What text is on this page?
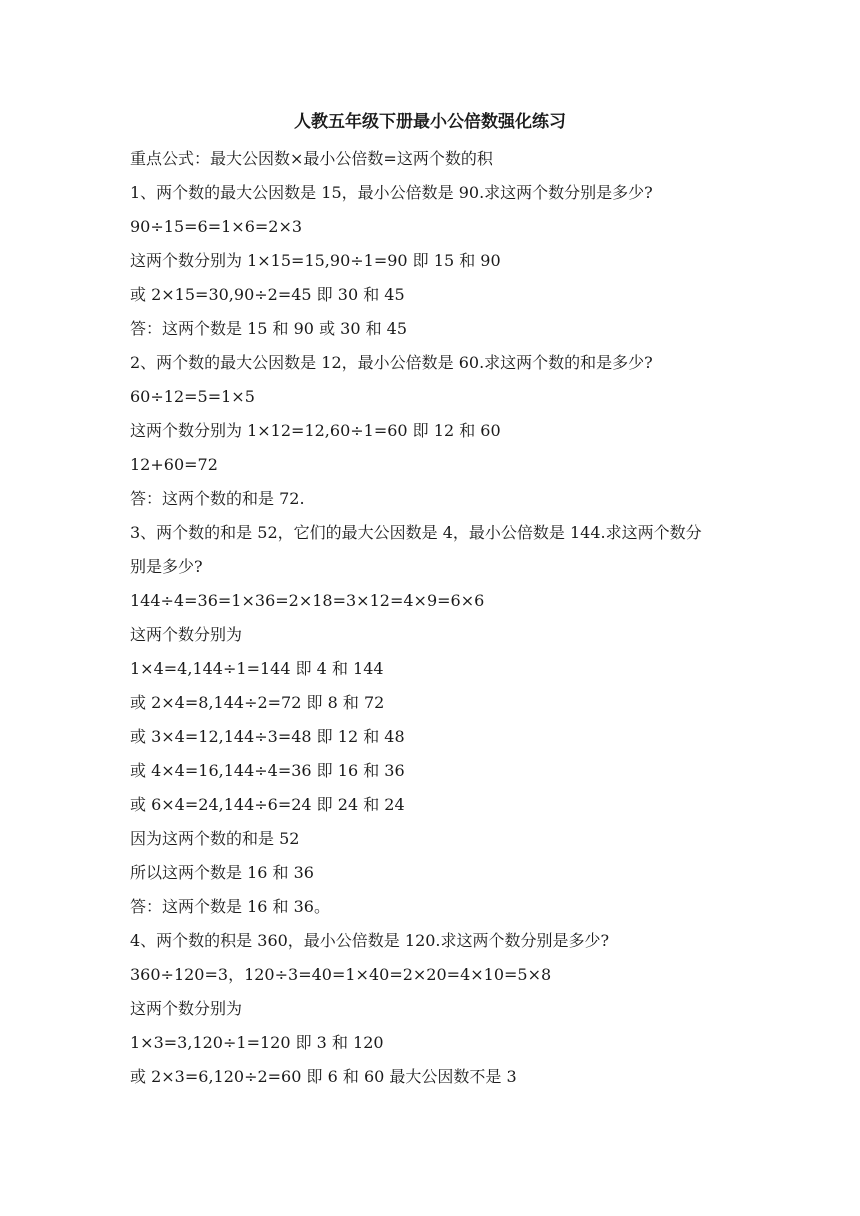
人教五年级下册最小公倍数强化练习

重点公式：最大公因数×最小公倍数=这两个数的积

1、两个数的最大公因数是 15，最小公倍数是 90.求这两个数分别是多少?

90÷15=6=1×6=2×3

这两个数分别为 1×15=15,90÷1=90 即 15 和 90

或 2×15=30,90÷2=45 即 30 和 45

答：这两个数是 15 和 90 或 30 和 45

2、两个数的最大公因数是 12，最小公倍数是 60.求这两个数的和是多少?

60÷12=5=1×5

这两个数分别为 1×12=12,60÷1=60 即 12 和 60

12+60=72

答：这两个数的和是 72.

3、两个数的和是 52，它们的最大公因数是 4，最小公倍数是 144.求这两个数分

别是多少?

144÷4=36=1×36=2×18=3×12=4×9=6×6

这两个数分别为

1×4=4,144÷1=144 即 4 和 144

或 2×4=8,144÷2=72 即 8 和 72

或 3×4=12,144÷3=48 即 12 和 48

或 4×4=16,144÷4=36 即 16 和 36

或 6×4=24,144÷6=24 即 24 和 24

因为这两个数的和是 52

所以这两个数是 16 和 36

答：这两个数是 16 和 36。

4、两个数的积是 360，最小公倍数是 120.求这两个数分别是多少?

360÷120=3，120÷3=40=1×40=2×20=4×10=5×8

这两个数分别为

1×3=3,120÷1=120 即 3 和 120

或 2×3=6,120÷2=60 即 6 和 60 最大公因数不是 3
